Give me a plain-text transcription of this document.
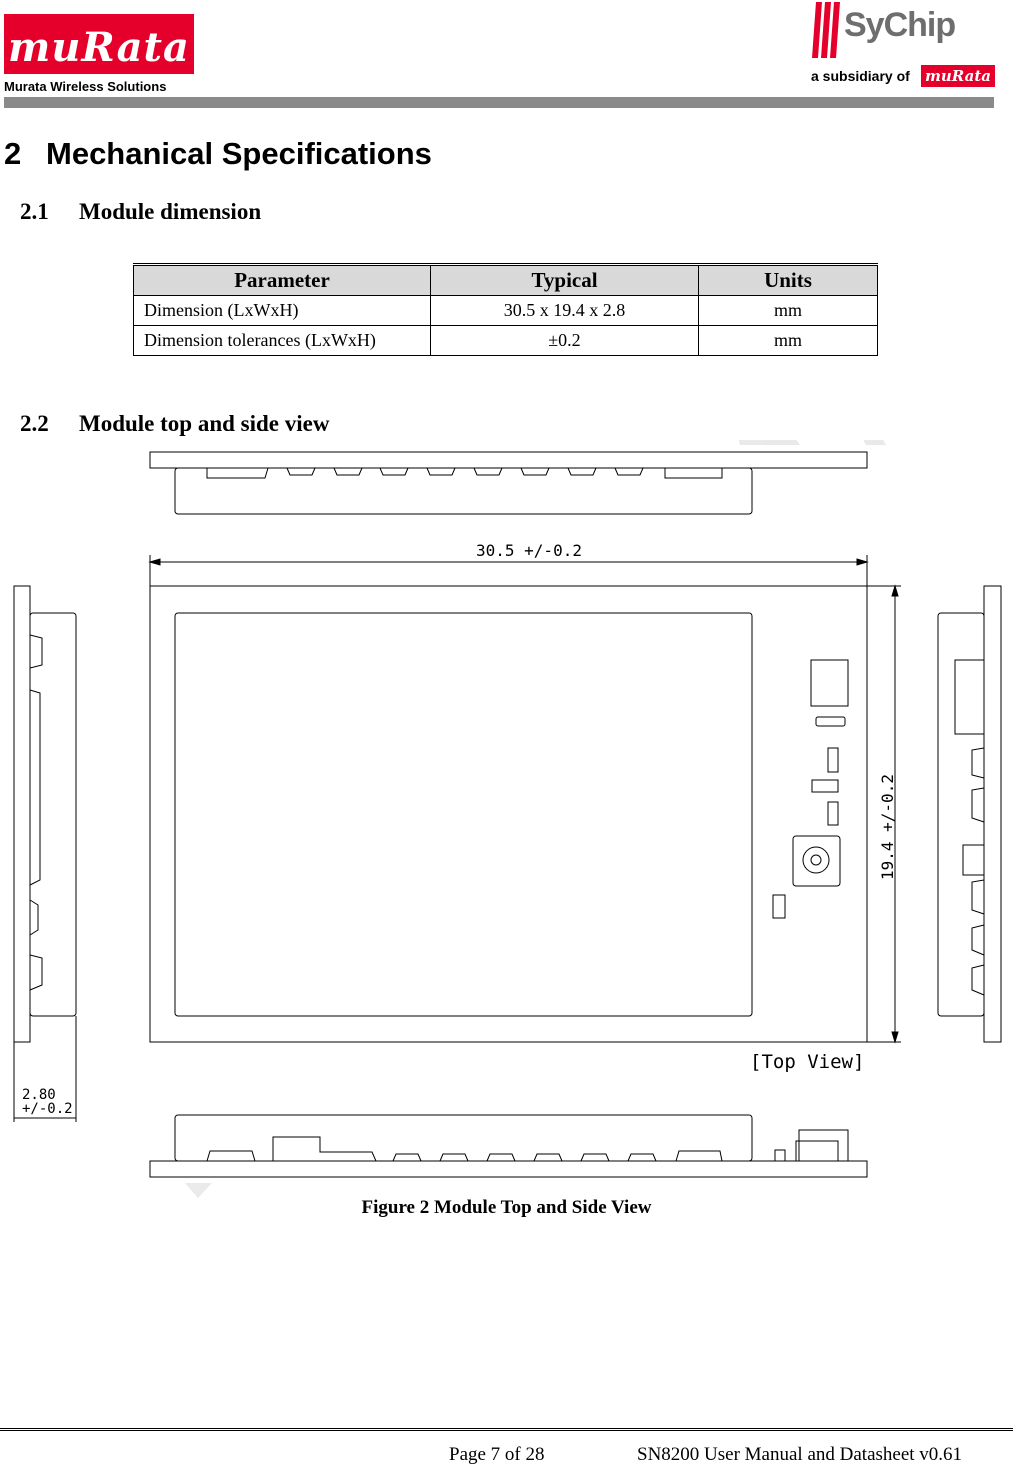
muRata
Murata Wireless Solutions
SyChip
a subsidiary of muRata
2 Mechanical Specifications
2.1 Module dimension
Parameter	Typical	Units
Dimension (LxWxH)	30.5 x 19.4 x 2.8	mm
Dimension tolerances (LxWxH)	±0.2	mm
2.2 Module top and side view
30.5 +/-0.2
19.4 +/-0.2
[Top View]
2.80
+/-0.2
Figure 2 Module Top and Side View
Page 7 of 28	SN8200 User Manual and Datasheet v0.61
